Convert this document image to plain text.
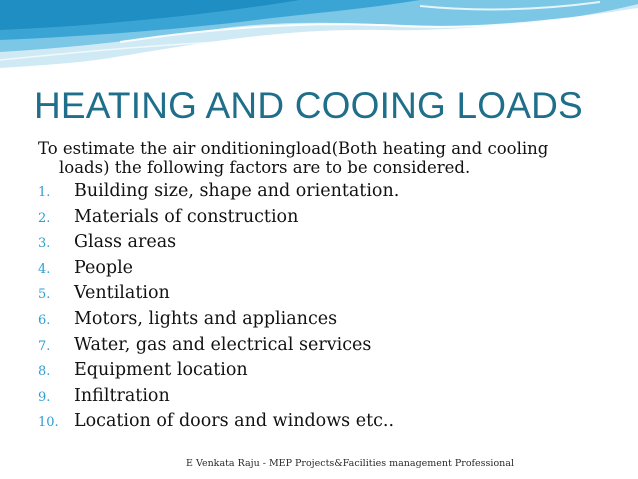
HEATING AND COOING LOADS
To estimate the air onditioningload(Both heating and cooling
loads) the following factors are to be considered.
1.	Building size, shape and orientation.
2.	Materials of construction
3.	Glass areas
4.	People
5.	Ventilation
6.	Motors, lights and appliances
7.	Water, gas and electrical services
8.	Equipment location
9.	Infiltration
10. Location of doors and windows etc..
E Venkata Raju - MEP Projects&Facilities management Professional
